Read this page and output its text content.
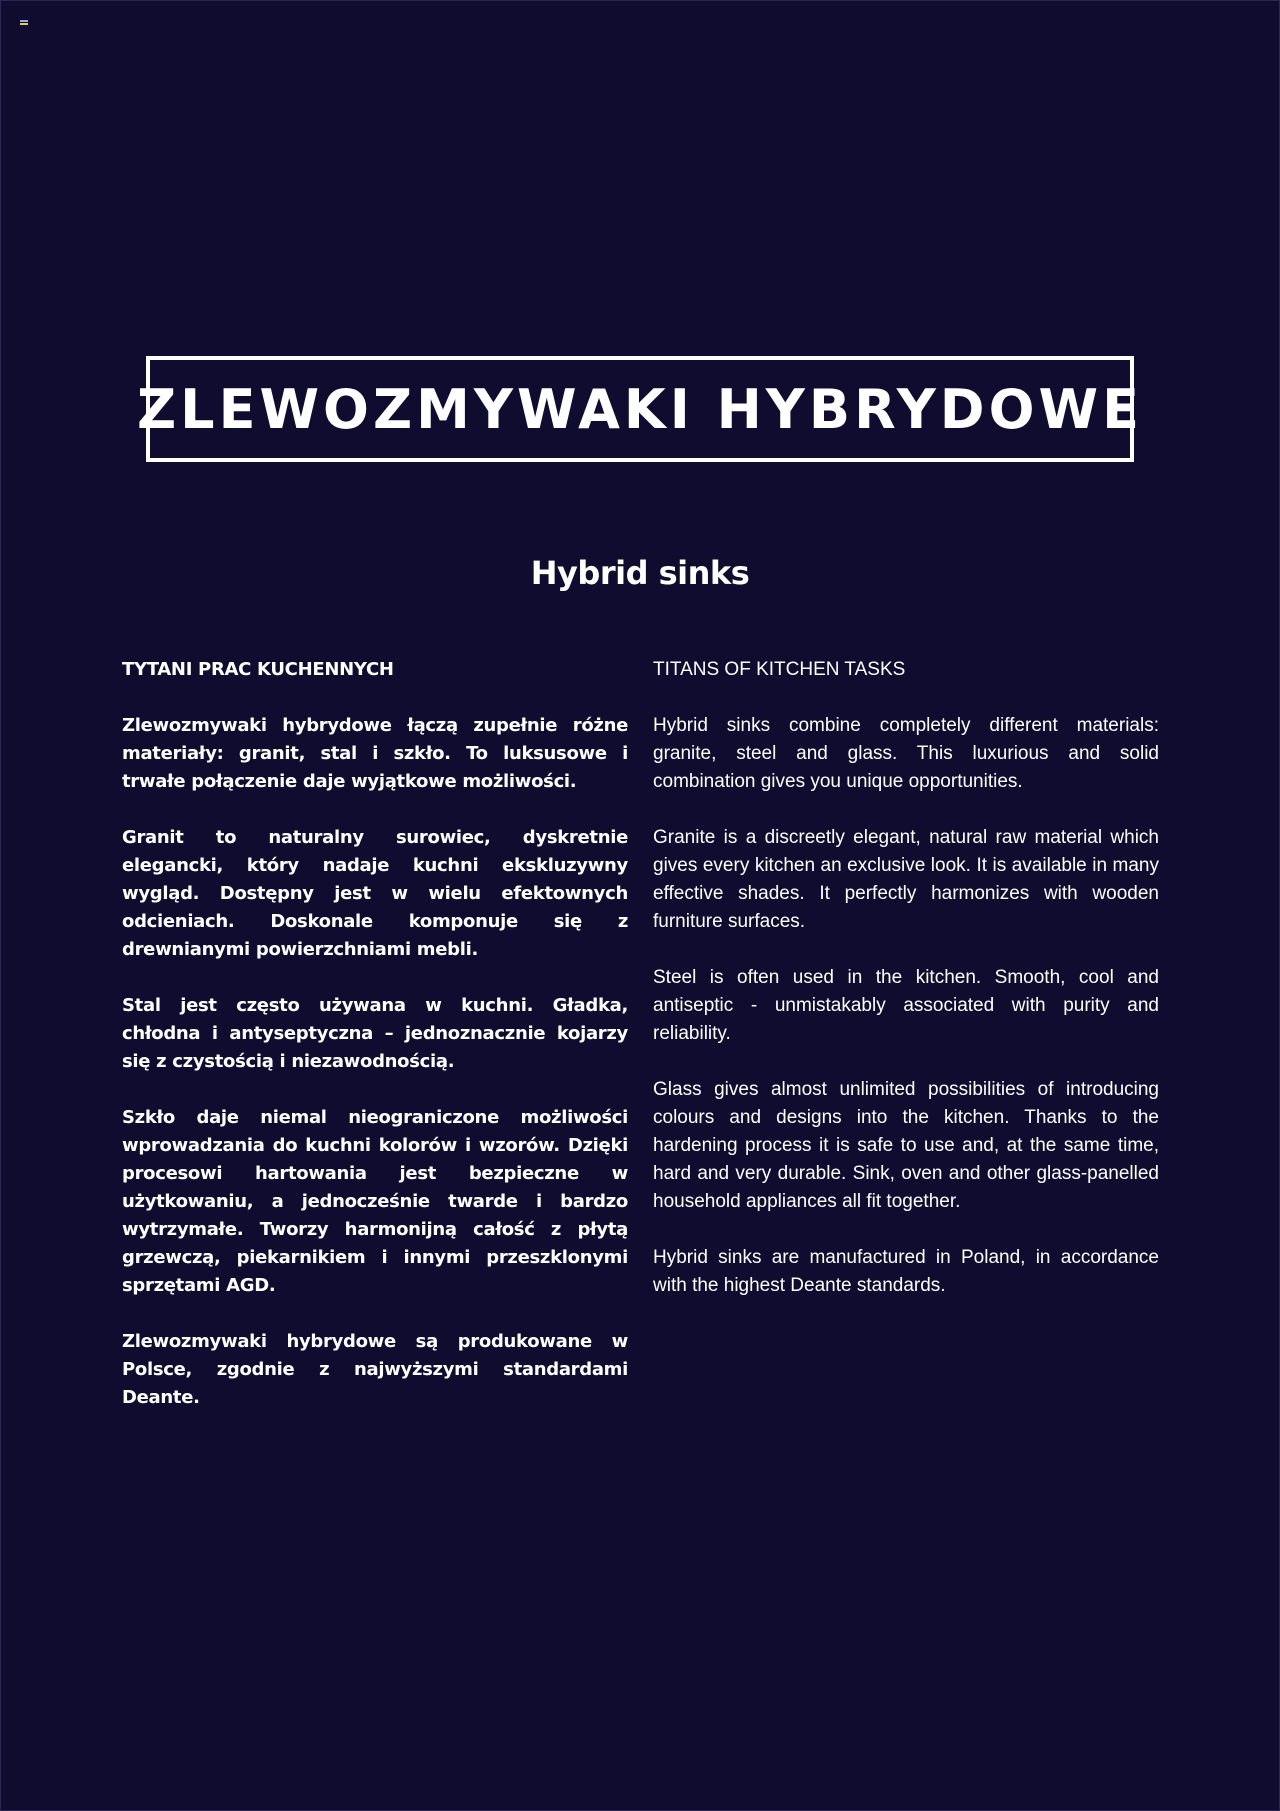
ZLEWOZMYWAKI HYBRYDOWE
Hybrid sinks
TYTANI PRAC KUCHENNYCH

Zlewozmywaki hybrydowe łączą zupełnie różne materiały: granit, stal i szkło. To luksusowe i trwałe połączenie daje wyjątkowe możliwości.

Granit to naturalny surowiec, dyskretnie elegancki, który nadaje kuchni ekskluzywny wygląd. Dostępny jest w wielu efektownych odcieniach. Doskonale komponuje się z drewnianymi powierzchniami mebli.

Stal jest często używana w kuchni. Gładka, chłodna i antyseptyczna – jednoznacznie kojarzy się z czystością i niezawodnością.

Szkło daje niemal nieograniczone możliwości wprowadzania do kuchni kolorów i wzorów. Dzięki procesowi hartowania jest bezpieczne w użytkowaniu, a jednocześnie twarde i bardzo wytrzymałe. Tworzy harmonijną całość z płytą grzewczą, piekarnikiem i innymi przeszklonymi sprzętami AGD.

Zlewozmywaki hybrydowe są produkowane w Polsce, zgodnie z najwyższymi standardami Deante.

TITANS OF KITCHEN TASKS

Hybrid sinks combine completely different materials: granite, steel and glass. This luxurious and solid combination gives you unique opportunities.

Granite is a discreetly elegant, natural raw material which gives every kitchen an exclusive look. It is available in many effective shades. It perfectly harmonizes with wooden furniture surfaces.

Steel is often used in the kitchen. Smooth, cool and antiseptic - unmistakably associated with purity and reliability.

Glass gives almost unlimited possibilities of introducing colours and designs into the kitchen. Thanks to the hardening process it is safe to use and, at the same time, hard and very durable. Sink, oven and other glass-panelled household appliances all fit together.

Hybrid sinks are manufactured in Poland, in accordance with the highest Deante standards.
